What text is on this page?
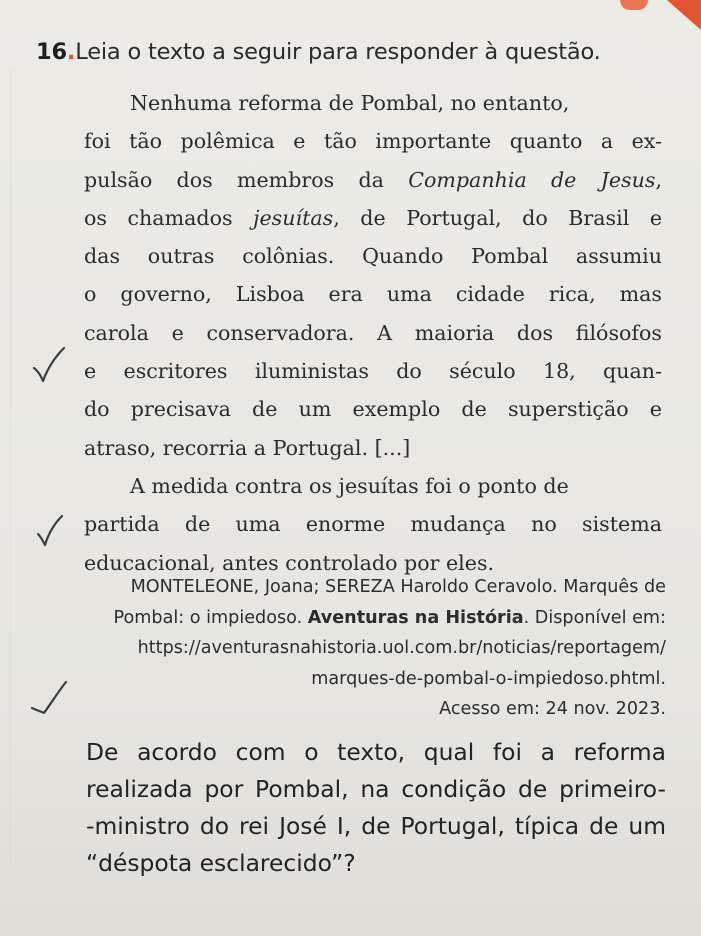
16.Leia o texto a seguir para responder à questão.
Nenhuma reforma de Pombal, no entanto,
foi tão polêmica e tão importante quanto a ex-
pulsão dos membros da Companhia de Jesus,
os chamados jesuítas, de Portugal, do Brasil e
das outras colônias. Quando Pombal assumiu
o governo, Lisboa era uma cidade rica, mas
carola e conservadora. A maioria dos filósofos
e escritores iluministas do século 18, quan-
do precisava de um exemplo de superstição e
atraso, recorria a Portugal. [...]
A medida contra os jesuítas foi o ponto de
partida de uma enorme mudança no sistema
educacional, antes controlado por eles.
MONTELEONE, Joana; SEREZA Haroldo Ceravolo. Marquês de
Pombal: o impiedoso. Aventuras na História. Disponível em:
https://aventurasnahistoria.uol.com.br/noticias/reportagem/
marques-de-pombal-o-impiedoso.phtml.
Acesso em: 24 nov. 2023.
De acordo com o texto, qual foi a reforma
realizada por Pombal, na condição de primeiro-
-ministro do rei José I, de Portugal, típica de um
“déspota esclarecido”?
